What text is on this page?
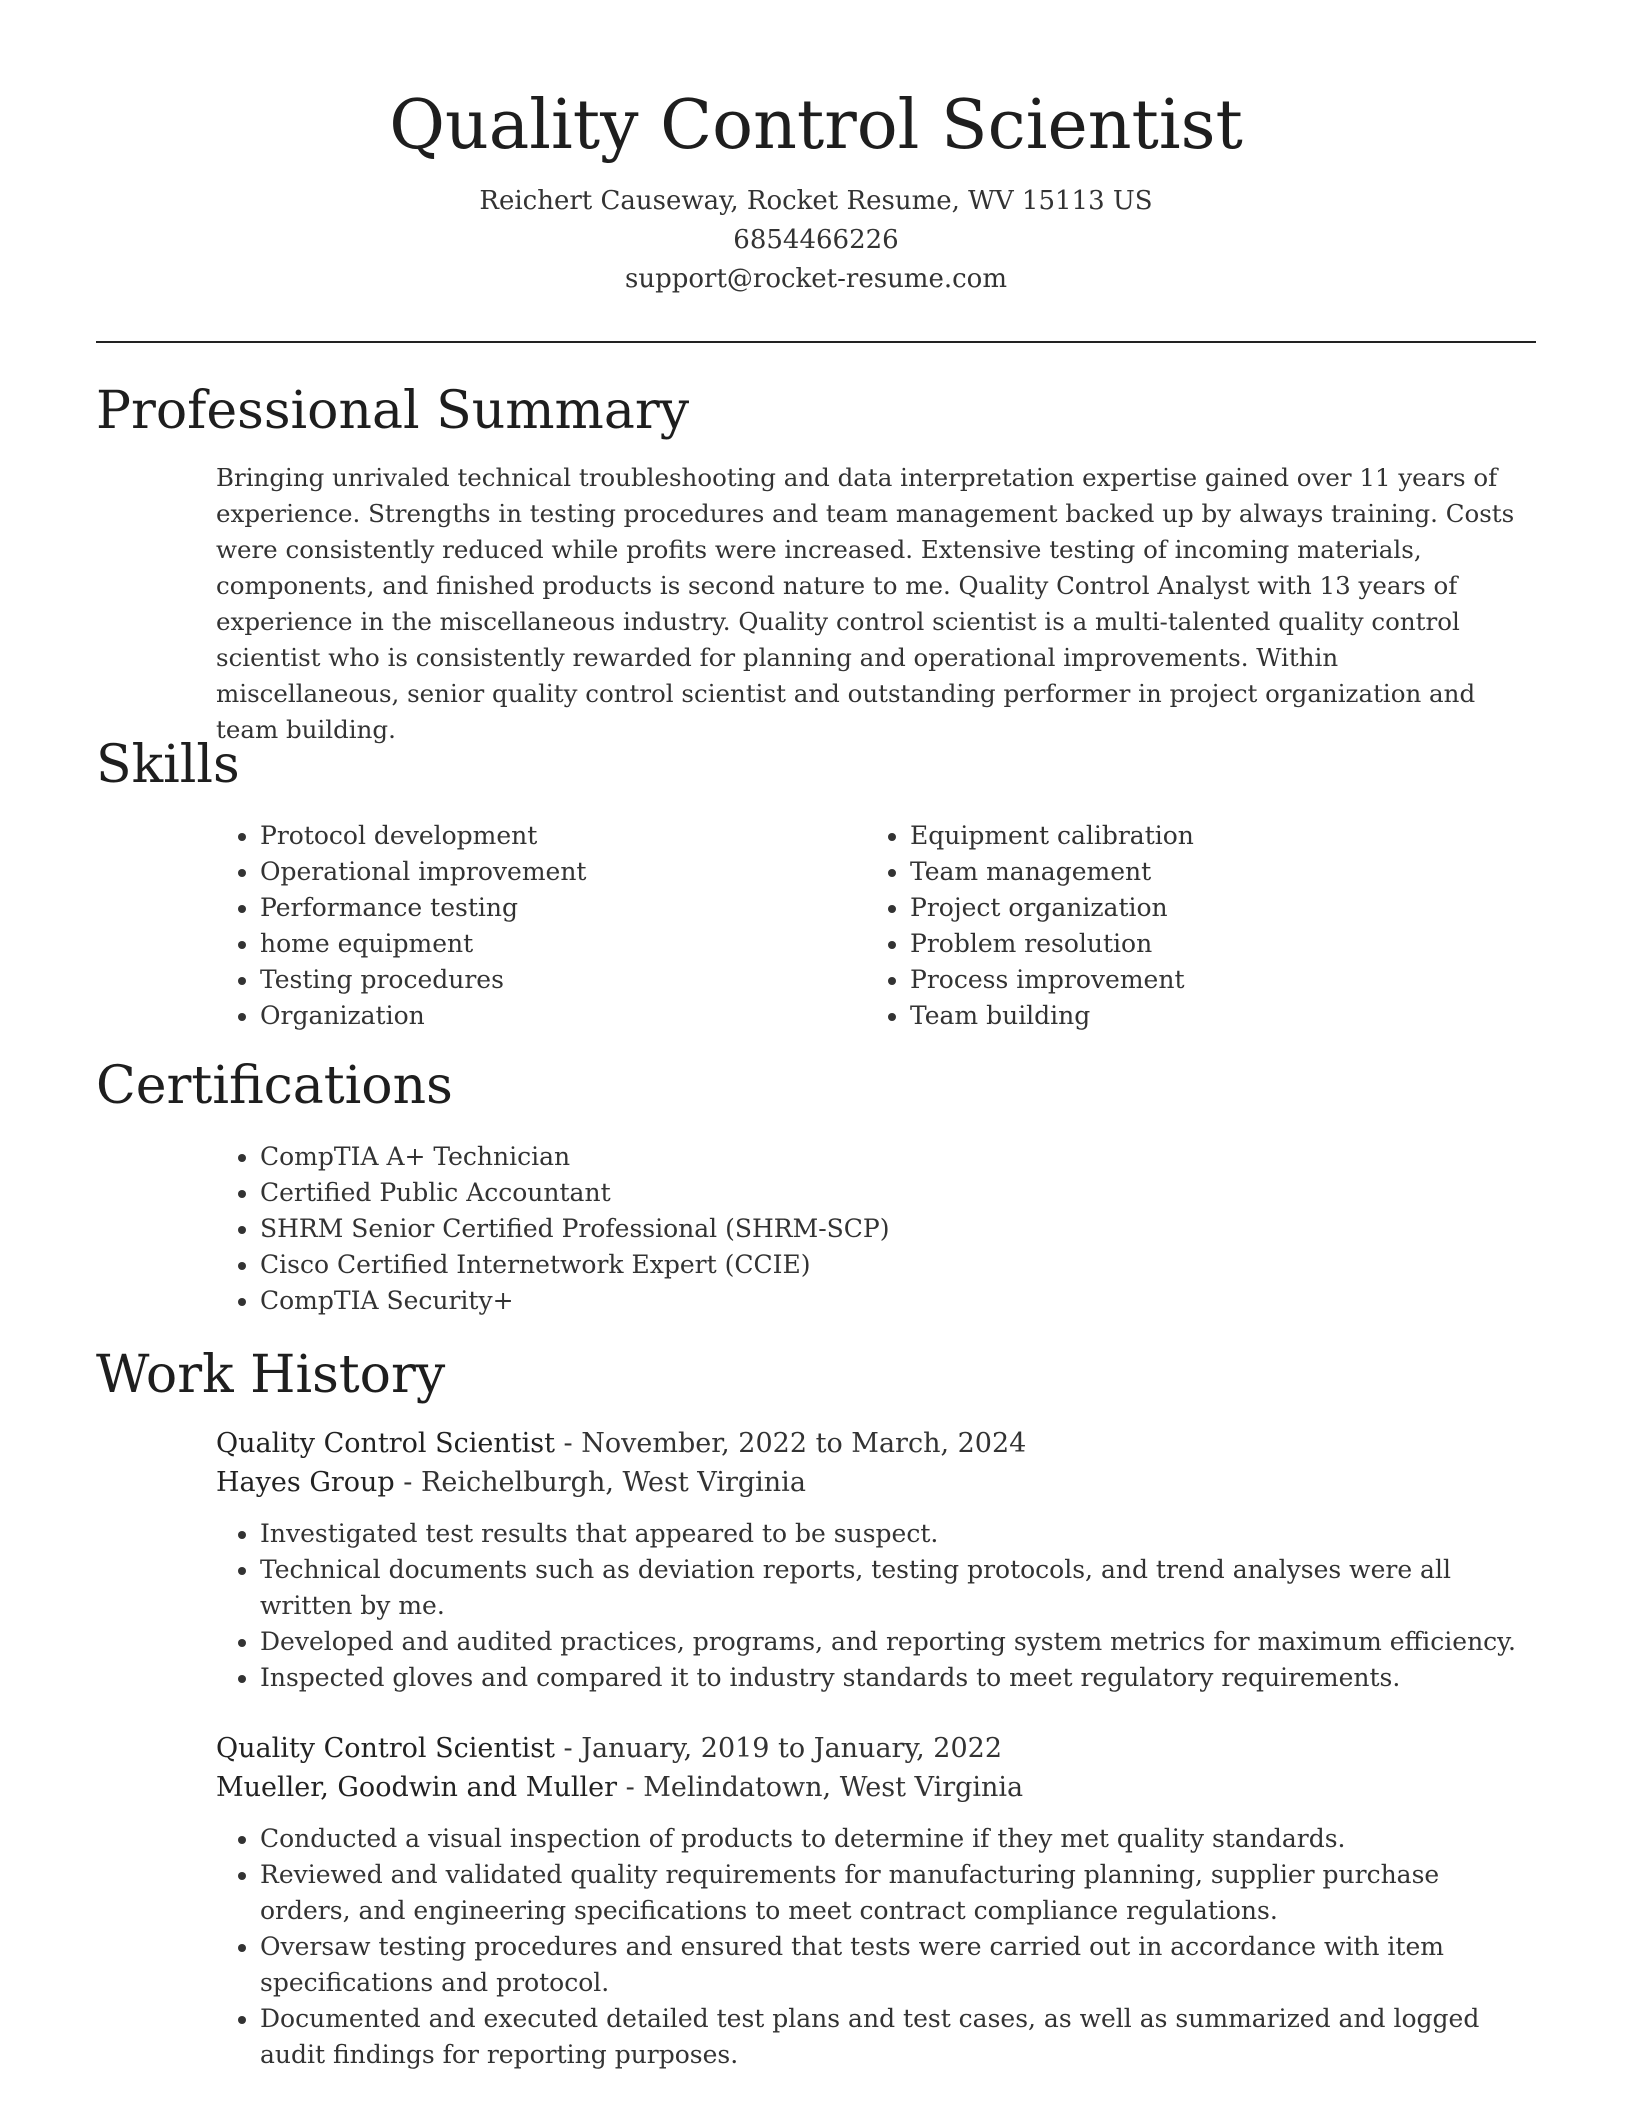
Quality Control Scientist
Reichert Causeway, Rocket Resume, WV 15113 US
6854466226
support@rocket-resume.com
Professional Summary

Bringing unrivaled technical troubleshooting and data interpretation expertise gained over 11 years of experience. Strengths in testing procedures and team management backed up by always training. Costs were consistently reduced while profits were increased. Extensive testing of incoming materials, components, and finished products is second nature to me. Quality Control Analyst with 13 years of experience in the miscellaneous industry. Quality control scientist is a multi-talented quality control scientist who is consistently rewarded for planning and operational improvements. Within miscellaneous, senior quality control scientist and outstanding performer in project organization and team building.

Skills
• Protocol development
• Operational improvement
• Performance testing
• home equipment
• Testing procedures
• Organization
• Equipment calibration
• Team management
• Project organization
• Problem resolution
• Process improvement
• Team building
Certifications
• CompTIA A+ Technician
• Certified Public Accountant
• SHRM Senior Certified Professional (SHRM-SCP)
• Cisco Certified Internetwork Expert (CCIE)
• CompTIA Security+
Work History
Quality Control Scientist - November, 2022 to March, 2024
Hayes Group - Reichelburgh, West Virginia
• Investigated test results that appeared to be suspect.
• Technical documents such as deviation reports, testing protocols, and trend analyses were all written by me.
• Developed and audited practices, programs, and reporting system metrics for maximum efficiency.
• Inspected gloves and compared it to industry standards to meet regulatory requirements.
Quality Control Scientist - January, 2019 to January, 2022
Mueller, Goodwin and Muller - Melindatown, West Virginia
• Conducted a visual inspection of products to determine if they met quality standards.
• Reviewed and validated quality requirements for manufacturing planning, supplier purchase orders, and engineering specifications to meet contract compliance regulations.
• Oversaw testing procedures and ensured that tests were carried out in accordance with item specifications and protocol.
• Documented and executed detailed test plans and test cases, as well as summarized and logged audit findings for reporting purposes.
